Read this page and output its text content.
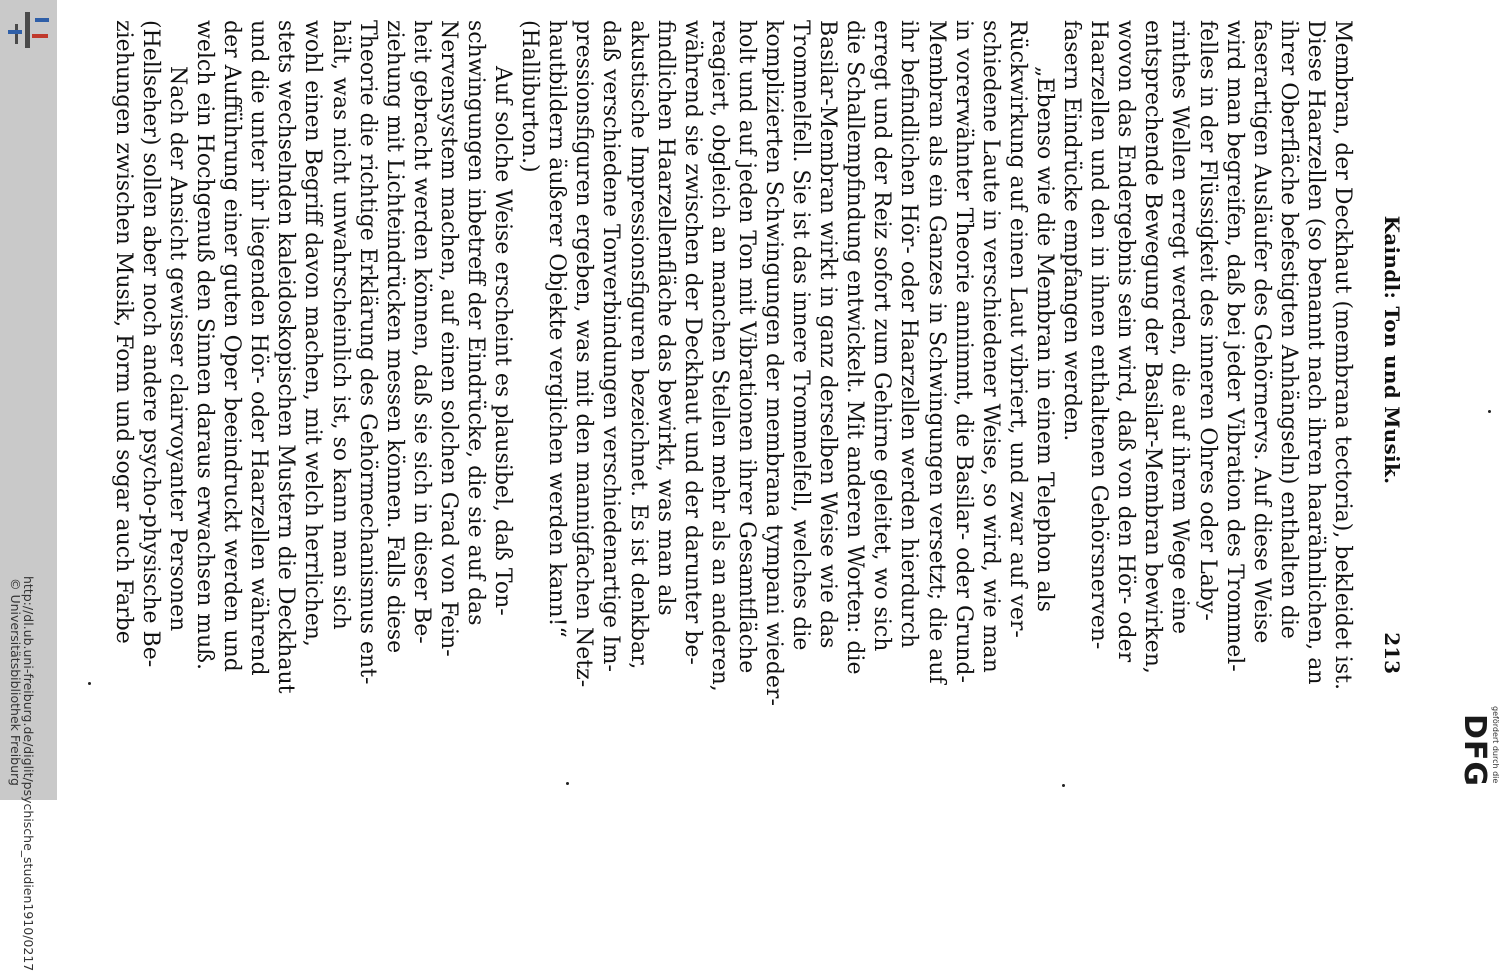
http://dl.ub.uni-freiburg.de/diglit/psychische_studien1910/0217
© Universitätsbibliothek Freiburg	gefördert durch die
DFG
Kaindl: Ton und Musik.
213
Membran, der Deckhaut (membrana tectoria), bekleidet ist.
Diese Haarzellen (so benannt nach ihren haarähnlichen, an
ihrer Oberfläche befestigten Anhängseln) enthalten die
faserartigen Ausläufer des Gehörnervs. Auf diese Weise
wird man begreifen, daß bei jeder Vibration des Trommel-
felles in der Flüssigkeit des inneren Ohres oder Laby-
rinthes Wellen erregt werden, die auf ihrem Wege eine
entsprechende Bewegung der Basilar-Membran bewirken,
wovon das Endergebnis sein wird, daß von den Hör- oder
Haarzellen und den in ihnen enthaltenen Gehörsnerven-
fasern Eindrücke empfangen werden.
„Ebenso wie die Membran in einem Telephon als
Rückwirkung auf einen Laut vibriert, und zwar auf ver-
schiedene Laute in verschiedener Weise, so wird, wie man
in vorerwähnter Theorie annimmt, die Basilar- oder Grund-
Membran als ein Ganzes in Schwingungen versetzt; die auf
ihr befindlichen Hör- oder Haarzellen werden hierdurch
erregt und der Reiz sofort zum Gehirne geleitet, wo sich
die Schallempfindung entwickelt. Mit anderen Worten: die
Basilar-Membran wirkt in ganz derselben Weise wie das
Trommelfell. Sie ist das innere Trommelfell, welches die
komplizierten Schwingungen der membrana tympani wieder-
holt und auf jeden Ton mit Vibrationen ihrer Gesamtfläche
reagiert, obgleich an manchen Stellen mehr als an anderen,
während sie zwischen der Deckhaut und der darunter be-
findlichen Haarzellenfläche das bewirkt, was man als
akustische Impressionsfiguren bezeichnet. Es ist denkbar,
daß verschiedene Tonverbindungen verschiedenartige Im-
pressionsfiguren ergeben, was mit den mannigfachen Netz-
hautbildern äußerer Objekte verglichen werden kann!“
(Halliburton.)
Auf solche Weise erscheint es plausibel, daß Ton-
schwingungen inbetreff der Eindrücke, die sie auf das
Nervensystem machen, auf einen solchen Grad von Fein-
heit gebracht werden können, daß sie sich in dieser Be-
ziehung mit Lichteindrücken messen können. Falls diese
Theorie die richtige Erklärung des Gehörmechanismus ent-
hält, was nicht unwahrscheinlich ist, so kann man sich
wohl einen Begriff davon machen, mit welch herrlichen,
stets wechselnden kaleidoskopischen Mustern die Deckhaut
und die unter ihr liegenden Hör- oder Haarzellen während
der Aufführung einer guten Oper beeindruckt werden und
welch ein Hochgenuß den Sinnen daraus erwachsen muß.
Nach der Ansicht gewisser clairvoyanter Personen
(Hellseher) sollen aber noch andere psycho-physische Be-
ziehungen zwischen Musik, Form und sogar auch Farbe
